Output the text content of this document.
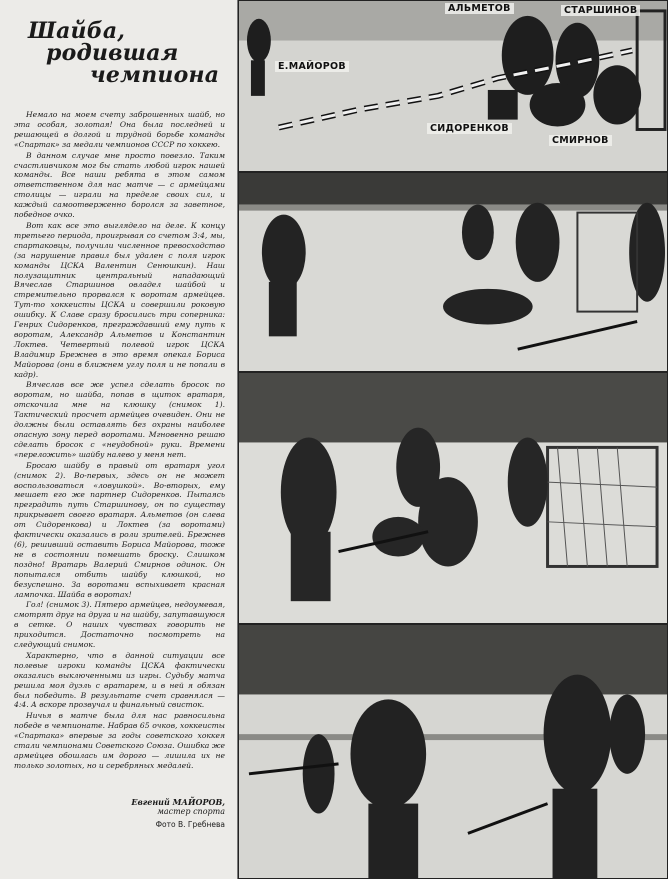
Шайба,
родившая
чемпиона

Немало на моем счету заброшенных шайб, но эта особая, золотая! Она была последней и решающей в долгой и трудной борьбе команды «Спартак» за медали чемпионов СССР по хоккею.

В данном случае мне просто повезло. Таким счастливчиком мог бы стать любой игрок нашей команды. Все наши ребята в этом самом ответственном для нас матче — с армейцами столицы — играли на пределе своих сил, и каждый самоотверженно боролся за заветное, победное очко.

Вот как все это выглядело на деле. К концу третьего периода, проигрывая со счетом 3:4, мы, спартаковцы, получили численное превосходство (за нарушение правил был удален с поля игрок команды ЦСКА Валентин Сенюшкин). Наш полузащитник центральный нападающий Вячеслав Старшинов овладел шайбой и стремительно прорвался к воротам армейцев. Тут-то хоккеисты ЦСКА и совершили роковую ошибку. К Славе сразу бросились три соперника: Генрих Сидоренков, преграждавший ему путь к воротам, Александр Альметов и Константин Локтев. Четвертый полевой игрок ЦСКА Владимир Брежнев в это время опекал Бориса Майорова (они в ближнем углу поля и не попали в кадр).

Вячеслав все же успел сделать бросок по воротам, но шайба, попав в щиток вратаря, отскочила мне на клюшку (снимок 1). Тактический просчет армейцев очевиден. Они не должны были оставлять без охраны наиболее опасную зону перед воротами. Мгновенно решаю сделать бросок с «неудобной» руки. Времени «переложить» шайбу налево у меня нет.

Бросаю шайбу в правый от вратаря угол (снимок 2). Во-первых, здесь он не может воспользоваться «ловушкой». Во-вторых, ему мешает его же партнер Сидоренков. Пытаясь преградить путь Старшинову, он по существу прикрывает своего вратаря. Альметов (он слева от Сидоренкова) и Локтев (за воротами) фактически оказались в роли зрителей. Брежнев (6), решивший оставить Бориса Майорова, тоже не в состоянии помешать броску. Слишком поздно! Вратарь Валерий Смирнов одинок. Он попытался отбить шайбу клюшкой, но безуспешно. За воротами вспыхивает красная лампочка. Шайба в воротах!

Гол! (снимок 3). Пятеро армейцев, недоумевая, смотрят друг на друга и на шайбу, запутавшуюся в сетке. О наших чувствах говорить не приходится. Достаточно посмотреть на следующий снимок.

Характерно, что в данной ситуации все полевые игроки команды ЦСКА фактически оказались выключенными из игры. Судьбу матча решила моя дуэль с вратарем, и в ней я обязан был победить. В результате счет сравнялся — 4:4. А вскоре прозвучал и финальный свисток.

Ничья в матче была для нас равносильна победе в чемпионате. Набрав 65 очков, хоккеисты «Спартака» впервые за годы советского хоккея стали чемпионами Советского Союза. Ошибка же армейцев обошлась им дорого — лишила их не только золотых, но и серебряных медалей.

Евгений МАЙОРОВ,
мастер спорта
Фото В. Гребнева
АЛЬМЕТОВ	СТАРШИНОВ
Е.МАЙОРОВ
СИДОРЕНКОВ
СМИРНОВ
